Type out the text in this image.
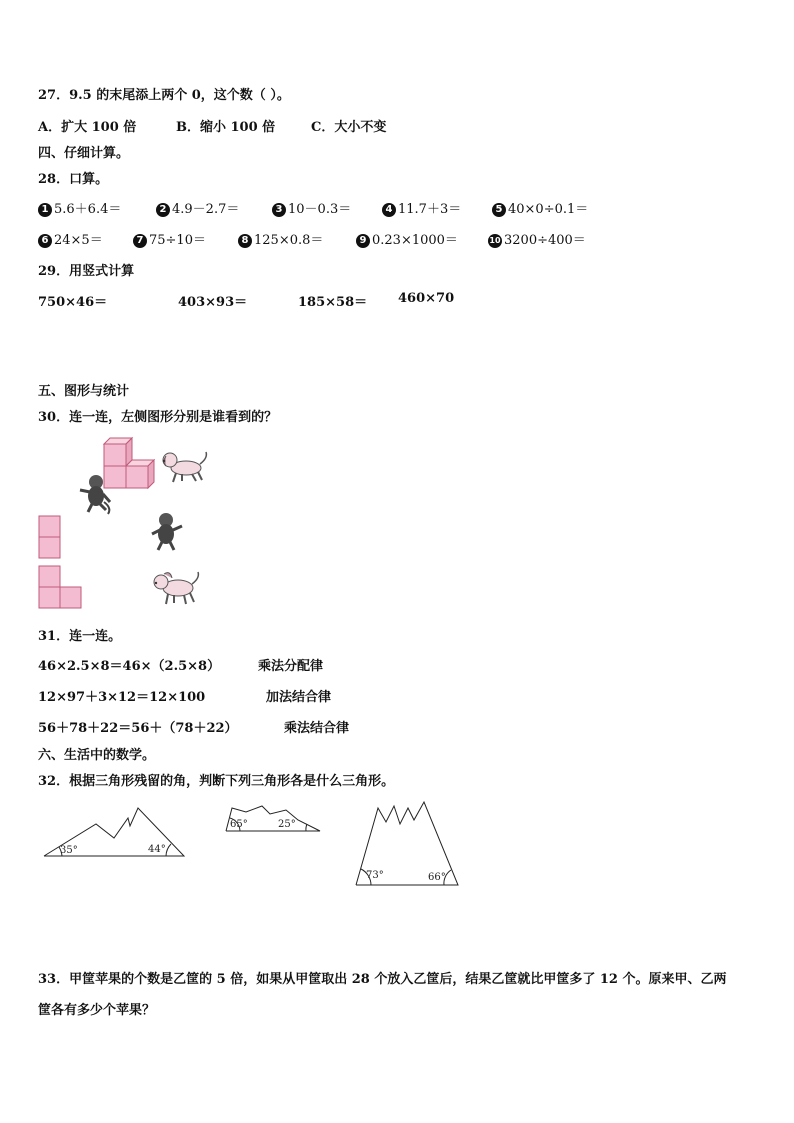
27．9.5 的末尾添上两个 0，这个数（ ）。
A．扩大 100 倍	B．缩小 100 倍	C．大小不变
四、仔细计算。
28．口算。
1 5.6＋6.4＝	2 4.9－2.7＝	3 10－0.3＝	4 11.7＋3＝	5 40×0÷0.1＝
6 24×5＝	7 75÷10＝	8 125×0.8＝	9 0.23×1000＝	10 3200÷400＝
29．用竖式计算
750×46＝	403×93＝	185×58＝ 460×70
五、图形与统计
30．连一连，左侧图形分别是谁看到的？
31．连一连。
46×2.5×8＝46×（2.5×8）
12×97＋3×12＝12×100
56＋78＋22＝56＋（78＋22）
乘法分配律
加法结合律
乘法结合律
六、生活中的数学。
32．根据三角形残留的角，判断下列三角形各是什么三角形。
35°	44°
65°	25°
73°	66°
33．甲筐苹果的个数是乙筐的 5 倍，如果从甲筐取出 28 个放入乙筐后，结果乙筐就比甲筐多了 12 个。原来甲、乙两
筐各有多少个苹果？
